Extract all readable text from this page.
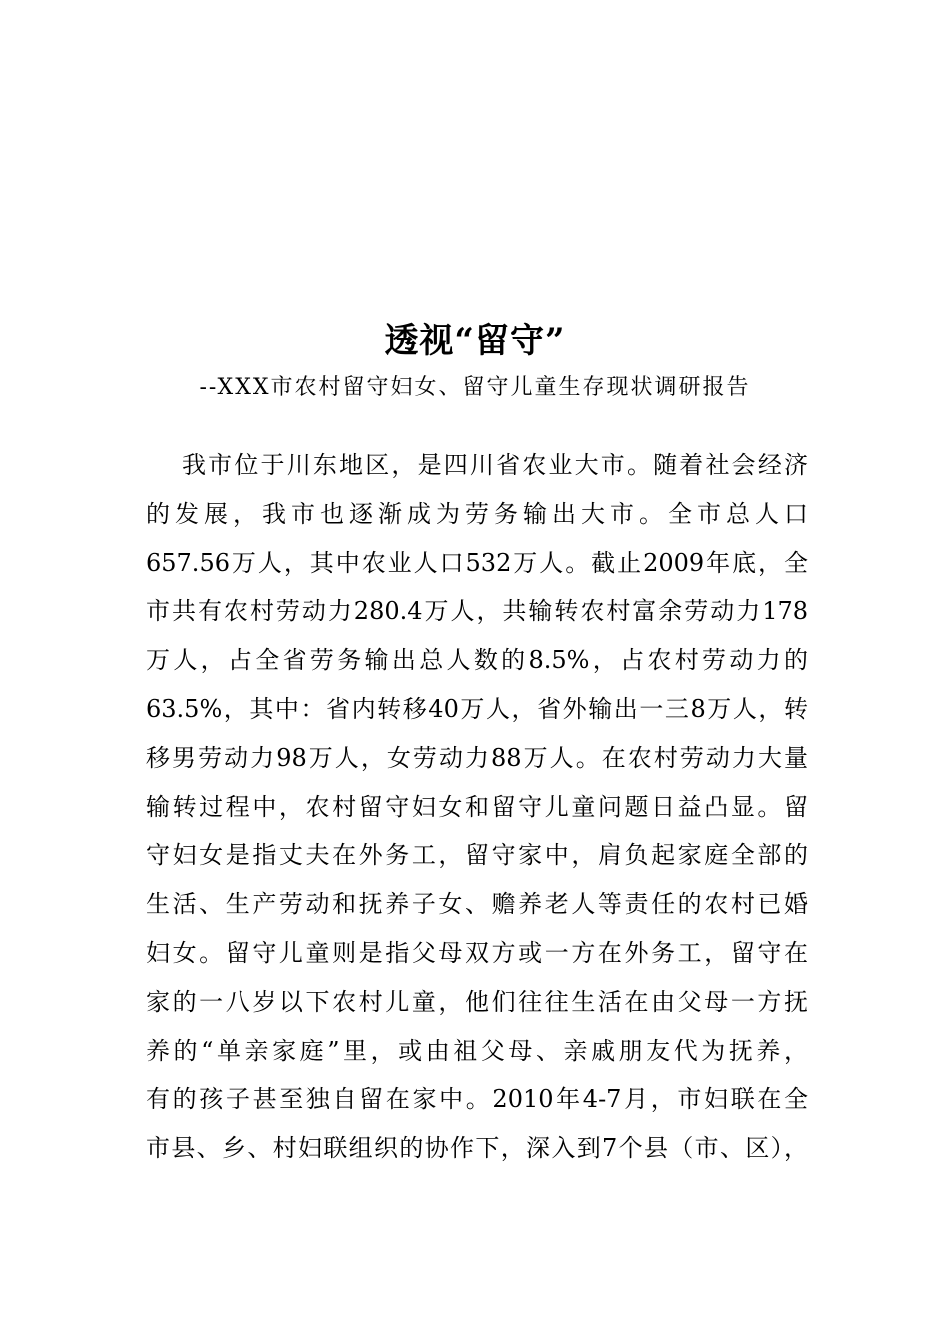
透视“留守”
--XXX市农村留守妇女、留守儿童生存现状调研报告
我市位于川东地区，是四川省农业大市。随着社会经济
的发展，我市也逐渐成为劳务输出大市。全市总人口
657.56万人，其中农业人口532万人。截止2009年底，全
市共有农村劳动力280.4万人，共输转农村富余劳动力178
万人，占全省劳务输出总人数的8.5%，占农村劳动力的
63.5%，其中：省内转移40万人，省外输出一三8万人，转
移男劳动力98万人，女劳动力88万人。在农村劳动力大量
输转过程中，农村留守妇女和留守儿童问题日益凸显。留
守妇女是指丈夫在外务工，留守家中，肩负起家庭全部的
生活、生产劳动和抚养子女、赡养老人等责任的农村已婚
妇女。留守儿童则是指父母双方或一方在外务工，留守在
家的一八岁以下农村儿童，他们往往生活在由父母一方抚
养的“单亲家庭”里，或由祖父母、亲戚朋友代为抚养，
有的孩子甚至独自留在家中。2010年4-7月，市妇联在全
市县、乡、村妇联组织的协作下，深入到7个县（市、区），
